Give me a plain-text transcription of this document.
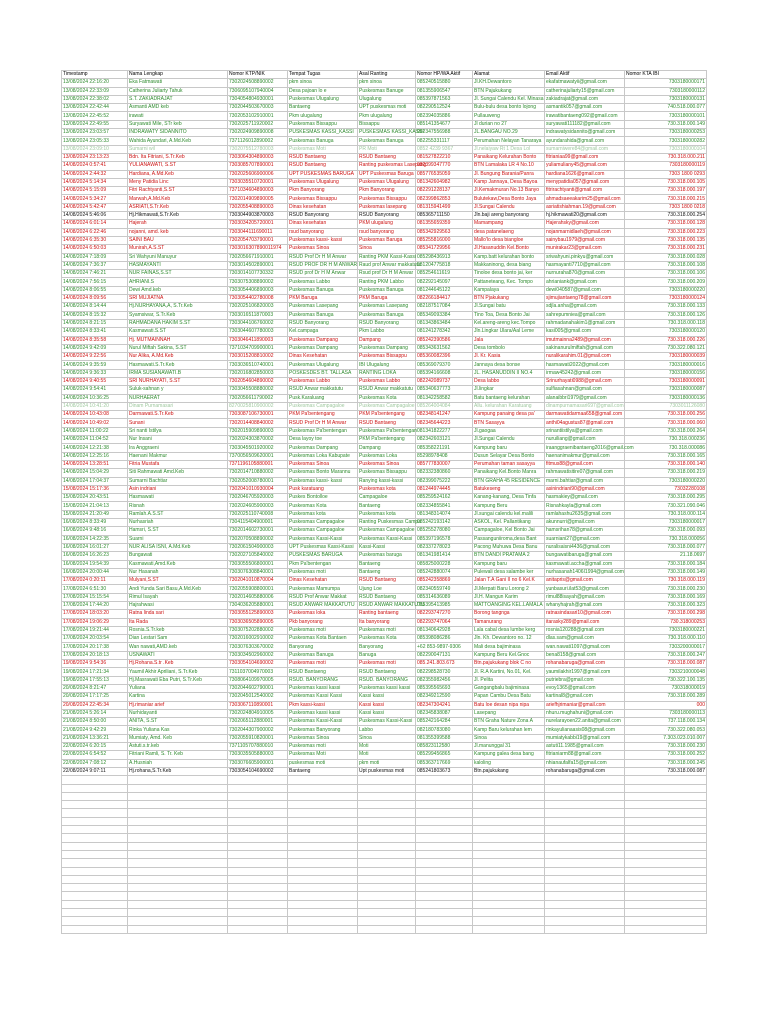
Timestamp	Nama Lengkap	Nomor KTP/NIK	Tempat Tugas	Asal Ranting	Nomor HP/WA Aktif	Alamat	Email Aktif	Nomor KTA IBI
13/08/2024 22:16:20	Eka Fatmawati	7302024508890002	pkm sinoa	pkm sinoa	085240515880	Jl.KH.Dewantoro	ekafatmawatyii@gmail.com	7303180000171
13/08/2024 22:33:09	Catherina Juliarty Tahuk	7306095107940004	Desa pajoan lo e	Puskesmas Banuge	081355906547	BTN Pajukukang	catherinajuliarty15@gmail.com	7303180000112
13/08/2024 22:38:02	S.T. ZAKIADRAJAT	7304054804930001	Puskesmas Ulugalung	Ulugalung	085397871563	Jl. Sungai Calendu Kel. Minasa	zakiadrajat@gmail.com	7303180000131
13/08/2024 22:42:44	Asmanti AMD keb	7302044503670003	Bantaeng	UPT puskesmas moti	082290512524	Bulu-bulu desa bonto lojong	asmantik057@gmail.com	740.518.000.077
13/08/2024 22:45:52	irawati	7302053102910001	Pkm ulugalung	Pkm ulugalung	082394035886	Pullauweng	irawatibantaeng092@gmail.com	7303180000101
13/08/2024 22:49:55	Suryawati Mile, STr keb	7302025711920002	Puskesmas Bissappu	Bissappu	085141354677	Jl durian no 27	suryawati111182@gmail.com	730.318.000.149
13/08/2024 23:03:57	INDRAWATY SIDANNITO	7302024909890008	PUSKESMAS KASSI_KASSI	PUSKESMAS KASSI_KASSI	082347556988	JL.BANGAU NO.29	indrawatysidannito@gmail.com	7303180000253
13/08/2024 23:05:33	Wahida Ayundari, A.Md.Keb	7371126012890002	Puskesmas Banuga	Puskesmas Banuga	082255331117	Perumahan Nelayan Tanaraya	ayundarahida@gmail.com	7303180000282
13/08/2024 23:09:10	Sumarni wil	7302075512780003	Puskesmas Moti	PR Moti	0852 4239 9367	Jl.nelaiyaw Rt 1 Desa Lol	sumarniwere84@gmail.com	7303180000104
13/08/2024 23:13:23	Bdn. Ita Fitriani, S.Tr.Keb	7303064304890003	RSUD Bantaeng	RSUD Bantaeng	081527822210	Panaikang Kelurahan Bonto	fitrianiaa99@gmail.com	730.318.000.211
14/08/2024 0:57:41	YULIANAWATI, S.ST	7303085707890001	RSUD Bantaeng	Ranting puskesmas Lasepang	082399347770	BTN Lamalaka LR 4 No.10	yuliamuliany45@gmail.com	7303180000119
14/08/2024 2:44:32	Hardiana, A.Md.Keb	7302025606900006	UPT PUSKESMAS BARUGA	UPT Puskesmas Baruga	085776535059	Jl. Bungung Barania/Panra	hardiana1626@gmail.com	7303 1800 0293
14/08/2024 5:14:34	Meny Patidia Linc	7303035510720001	Puskesmas Ulugalung	Puskesmas Ulugalung	081342604982	Kamp Jannaya, Desa Bayoa	menypatidia057@gmail.com	730.318.000.105
14/08/2024 5:15:09	Fitri Rachtyanti,S.ST	7371034604890003	Pkm Banyorang	Pkm Banyorang	082291228137	Jl.Kemakmuran No.13 Banyo	fitrirachtyanti@gmail.com	730.318.000.197
14/08/2024 5:34:27	Marwah,A.Md.Keb	7302014909890005	Puskesmas Bissappu	Puskesmas Bissappu	082399862853	Bulutekaw,Desa Bonto Jaya	ahmadsaeeakarim25@gmail.com	730.318.000.215
14/08/2024 5:42:47	ASRIATI,S.Tr.Keb	7302055408890003	Dinas kesehatan	Puskesmas lasepang	081315941499	Jl.Sungai Calendu	asriatishiahman.19@gmail.com	7303 1800 0218
14/08/2024 5:46:06	Hj.Hikmawati,S.Tr.Keb	7303044903870003	RSUD Banyorang	RSUD Banyorang	085365711150	Jln.baji areng banyorang	hj.hikmawati20@gmail.com	730.318.000.254
14/08/2024 6:01:14	Hajerah	7303034205720001	Dinas kesehatan	PKM ulugalung	081355659359	Mamampang	Hajerahsky@gmail.com	730.318.000.128
14/08/2024 6:22:46	nojanni, amd. keb	7303044111690011	rsud banyorang	rsud banyorang	085342929563	desa patanelaeng	nojanmarnidlaeh@gmail.com	730.318.000.223
14/08/2024 6:35:30	SAINI BAU	7302054703790001	Puskesmas kassi- kassi	Puskesmas Baruga	085255816000	Mallo'lo desa biangloe	sainybau1979@gmail.com	730.318.000.135
14/08/2024 6:50:03	Munirah,A.S.ST	7303016307890011974	Puskesmas Sinoa	Sinoa	085341729956	Jl.Hasanuddin Kel.Bonto	munirakar23@gmail.com	730.318.000.231
14/08/2024 7:18:09	Sri Wahyuni Manuyur	7302056671910001	RSUD Prof Dr H M Anwar	Ranting PKM Kassi-Kassi	085298436913	Kamp.batt kelurahan bonto	sriwahyuni.pinkyu@gmail.com	730.318.000.028
14/08/2024 7:36:37	HASMAYANTI	7303014502890001	RSUD PROF DR H M ANWAR	Raud prof Anwar makkatutu	081204775818	Makkaninong, desa biang	hasmayanti7710@gmail.com	730.318.000.108
14/08/2024 7:46:21	NUR FAINAS,S.ST	7303014107730332	RSUD prof Dr H M Anwar	Rsud prof Dr H M Anwar	085254611619	Tinoloe desa bonto jai, ker	nurnuraha870@gmail.com	730.318.000.106
14/08/2024 7:56:15	AHRIANI.S	7303075308890002	Puskesmas Labbo	Ranting PKM Labbo	082292145097	Pattaneteang, Kec. Tompo	ahrianiank@gmail.com	730.318.000.209
14/08/2024 8:06:55	Dewi Amd.keb	7303054406890003	Puskesmas Banuga	Puskesmas Banuga	081244645122	Kampalaya	dewi040587@gmail.com	7303180000220
14/08/2024 8:09:56	SRI MUJIATNA	7303054402780008	PKM Baruga	PKM Baruga	082266184417	BTN Pjakukang	sjimujiantaeng78@gmail.com	7303180000124
14/08/2024 8:14:44	Hj.NURHAYANA,A, S.Tr.Keb	7302025106820003	Puskesmas Lasepang	Puskesmas Lasepang	082187517084	Jl.Sungai batu	sdjla.anha@gmail.com	730.318.000.133
14/08/2024 8:15:32	Syamsiwar, S.Tr.Keb	7303016511870003	Puskesmas Banuga	Puskesmas Banuga	085349093384	Tino Toa, Desa Bonto Jai	sahrepumniea@gmail.com	730.318.000.126
14/08/2024 8:21:15	RAHMADANA HAKIM S.ST	7303044106760002	RSUD Banyorang	RSUD Banyorang	081343863484	Kel.areng-areng kec.Tompo	rahmadanahakim1@gmail.com	730.318.000.118
14/08/2024 8:33:41	Kasmawati.S.ST	7303044607780003	Kel.campaga	Pkm Labbo	081241278342	Jln.Lingkar Ulara/Aal Leme	kasi005@gmail.com	7303180000120
14/08/2024 8:35:58	Hj. MUTMAINNAH	7303046411890003	Puskesmas Dampang	Dampang	085242390586	Jala	imutmainna2489@gmail.com	730.318.000.226
14/08/2024 9:42:09	Nurul Miftah Sakina, S.ST	7371034709900001	Puskesmas Dampang	Puskesmas Dampang	085343631562	Desa tombolo	sakinanurulmiftah@gmail.com	730.322.080.121
14/08/2024 9:22:56	Nur Alika, A.Md.Keb	7303015208810002	Dinas Kesehatan	Puskesmas Bissappu	085360082396	Jl. Kr. Kasia	nuralikarahim.01@gmail.com	7303180000039
14/08/2024 9:35:59	Hasmawati.S.Tr.Keb	7303036510740001	Puskesmas Ulugalung	IBI Ulugalung	085369079370	Jannaya desa bonse	hasmawati2022@gmail.com	7303180000016
14/08/2024 9:36:33	IRMA SUSIANAWATI.B	7302016802850003	POSKESDES BT. TALLASA	RANTING LOKA	085394166608	JL. HASANUDDIN II NO.4	irmaw45242@gmail.com	7303180000156
14/08/2024 9:40:55	SRI NURHAYATI, S.ST	7302054604890002	Puskesmas Labbo	Puskesmas Labbo	082242089737	Desa labbo	Srinurhayati0988@gmail.com	7303180000091
14/08/2024 9:54:41	Suluk-sahnan y	7303045508880002	RSUD Anwar makkatutu	RSUD Anwar makkatutu	085340637773	Jl.lingkar	sulfiasahnan@gmail.com	7303180000087
14/08/2024 10:36:25	NURHAERAT	7302056611790002	Pusk.Karaluang	Puskesmas Kota	081342258582	Batu bantaeng kelurahan	alanaibbri1979@gmail.com	7303180000136
14/08/2024 10:41:20	Dinam Purnamasari	8270025810900002	Puskesmas Campagaloe	Puskesmas Campagaloe	085264004084	Allu. kelurahan Karatuang	dinampurnamasari697@gmail.com	7303011126080
14/08/2024 10:43:08	Darmawati.S.Tr.Keb	7303087106730001	PKM Pa'bentengang	PKM Pa'bentengang	082348141247	Kampung panaing desa pa'	darmawatidarmaa658@gmail.com	730.318.000.256
14/08/2024 10:49:02	Sunani	7302014408840002	RSUD Prof Dr H M Anwar	RSUD Bantaeng	082345644223	BTN Sasayya	anthi04agustus87@gmail.com	730.318.000.060
14/08/2024 11:00:22	Sri nanti Istilya	7302015909890003	Puskesmas Pa'bentengan	Puskesmas Pa'bentengan	081341822277	Jl.gaogaa	srinantiistilya@gmail.com	730.318.000.264
14/08/2024 11:04:52	Nur Insani	7302024303870002	Desa layoy toe	PKM Pa'bentengang	082342603121	Jl.Sungai Calendu	nuruiliang@gmail.com	730.318.000236
14/08/2024 12:21:38	Ira Anggraeni	7303045501920002	Puskesmas Dampang	Dampang	085358221191	Kampung baru	iraanggraenibantaeng2016@gmail.com	730.318.000086
14/08/2024 12:25:16	Haenani Makmur	7370056509620001	Puskesmas Loka Kabupate	Puskesmas Loka	85298978408	Dusun Selayar Desa Bonto	haenanimakmur@gmail.com	730.318.000.165
14/08/2024 13:28:51	Fitria Mustafa	7371196105880001	Puskesmas Sinoa	Puskesmas Sinoa	085777830007	Perumahan taman sasayya	fitmus88@gmail.com	730.318.000.140
14/08/2024 15:04:29	Siti Rahmawati Amd.Keb	7302014710880002	Puskesmas Bonto Marannu	Puskesmas Bissappu	082332380860	Panaikang Kel.Bonto Manra	rahmawatisitire07@gmail.com	730.318.000.219
14/08/2024 17:04:37	Sumarni Bachtiar	7302052008780001	Puskesmas kassi- kassi	Ranying kassi-kassi	082399075222	BTN GRAHA 45 RESIDENCE	marni.bahtiar@gmail.com	7303180000220
15/08/2024 15:17:36	Asin indriani	7302041010930004	Pusk karatuang	Puskesmas kota	081244974445	Batukeseng	asinindriani90@gmail.com	73032280108
15/08/2024 20:43:51	Hasmawati	7302046705920003	Puskes Bontolloe	Campagaloe	085259524162	Kanang-kanang, Desa Tinfa	hasmakiey@gmail.com	730.318.000.295
15/08/2024 21:04:13	Risnah	7302024605900003	Puskesmas Kota	Bantaeng	082334855841	Kampung Beru	Risnahkayla@gmail.com	730.321.090.046
15/08/2024 21:20:49	Ramlah.A.S.ST	7302025110740008	Puskesmas kota	Puskesmas kota	081348314074	Jl.sungai calendu kel.malili	ramlahashu2635@gmail.com	730.318.000.114
16/08/2024 8:33:49	Nurhasriah	7304115404900001	Puskesmas Campagaloe	Ranting Puskesmas Campa	085242193142	ASKOL, Kel. Pallantikang	akunnurri@gmail.com	7303180000017
16/08/2024 9:48:16	Hamsri, S.ST	7302014602730001	Puskesmas Campagaloe	Puskesmas Campagaloe	085255278080	Campagaloe, Kel Bonto Jai	hamsrihan78@gmail.com	730.318.000.093
16/08/2024 14:22:35	Suarni	7302070508890002	Puskesmas Kassi-Kassi	Puskesmas Kassi-Kassi	085397196578	Passanguniiroma,desa Bant	suarniani27@gmail.com	730.318.000056
16/08/2024 16:01:27	NUR ALISA ISNI, A.Md.Keb	7302061504900003	UPT Puskesmas Kassi-Kassi	Kassi-Kassi	082337278023	Pacong Muhuwa Desa Banu	nuralisaisni4436@gmail.com	730.318.000.077
16/08/2024 16:26:23	Bungawati	7302027105840002	PUSKESMAS BARUGA	Puskesmas baruga	081341981414	BTN DANDI PRATAMA 2	bungawatibaruga@gmail.com	21.18.0697
16/08/2024 19:54:39	Kasmawati,Amd.Keb	7303055506800001	Pkm Pa'bentengan	Bantaeng	085825000228	Kampung baru	kasmawati.accha@gmail.com	730.318.000.184
16/08/2024 20:00:44	Nur Hasanah	7303076308840001	Puskesmas moti	Bantaeng	085242880074	Pulewali desa salambe ker	nurhasanah1406I1994@gmail.com	730.318.000.149
17/08/2024 0:20:11	Mulyani,S.ST	7302041010870004	Dinas Kesehatan	RSUD Bantaeng	085242358869	Jalan T.A Gani II no 6 Kel.K	anitapris@gmail.com	730.318.000.119
17/08/2024 6:51:30	Andi Yunda Sari Basu,A.Md.Keb	7302055908800001	Puskesmas Mamumpa	Ujung Loe	082340559749	Jl.Merpati Baru Lorong 2	yunbasuri.ilat53@gmail.com	730.318.000.230
17/08/2024 15:15:54	Rimul Isayah	7302014605880006	RSUD Prof Anwar Makkat	RSUD Bantaeng	085314636089	Jl.H. Mangun Karim	rimul88isayah@gmail.com	730.318.000.169
17/08/2024 17:44:20	Hajrahwasi	7304036205880001	RSUD ANWAR MAKKATUTU	RSUD ANWAR MAKKATUTU	085395413985	MATTOANGING KEL.LAMALA	whanyhajrah@gmail.com	730.318.000.323
17/08/2024 18:03:20	Ratna linda sari	7303055125890003	Puskesmas loka	Ranting bantaeng	082293747270	Borong tangnga	ratnasindasari10@gmail.com	730.318.000.298
17/08/2024 19:06:29	Ita Rada	7303036505890005	Pkb banyorang	Ita banyorang	082293747064	Tamanurang	itarasky289@gmail.com	730.318000253
17/08/2024 19:21:44	Rosnia.S.Tr.keb	7303075202880002	Puskesmas moti	Puskesmas moti	081340642928	Lala cabal desa lumbe kerg	rosnia120288@gmail.com	7303180000221
17/08/2024 20:03:54	Dian Lestari Sam	7302016002910002	Puskesmas Kota Bantaen	Puskesmas Kota	085398086286	Jln. Kh. Dewantoro no. 12	dlas.sam@gmail.com	730.318.000.110
17/08/2024 20:17:38	Wan nawati,AMD.keb	7303076303670002	Banyorang	Banyorang	+62 853-9897-9306	Mali desa bajiminasa	wan.nawati1097@gmail.com	7303200000017
17/08/2024 20:18:13	USNAWATI	7303034502960002	Puskesmas Banuga	Banuga	082290047131	Kampung Beru Kel.Gnoc	bena8158@gmail.com	730.318.000.247
19/08/2024 9:54:36	Hj.Rohana.S.tr .Keb	7303054104690002	Puskesmas moti	Puskesmas moti	085.241.803.673	Btn.pajukukang blok C no	rohanabaruga@gmail.com	730.318.000.087
19/08/2024 17:21:34	Yaumil Akhir Apriliani, S.Tr.Keb	7311037004970003	RSUD Bantaeng	RSUD Bantaeng	082298528730	Jl. R.A Kartini, No.01, Kel.	yaumilakhir1997@gmail.com	7303210000048
19/08/2024 17:55:13	Hj.Masrawati Eba Putri, S.Tr.Keb	7308064109970005	RSUD. BANYORANG	RSUD. BANYORANG	082355982456	Jl. Pelita	putriebra@gmail.com	730.322.100.135
20/08/2024 8:21:47	Yuliana	7302044602790001	Puskesmas kassi kassi	Puskesmas kassi kassi	085395565693	Gangangbalu bajiminasa	evoy1365@gmail.com	730318000019
20/08/2024 17:17:25	Kartina	7302045012540002	Puskesmas Kassi Kassi	Kassi kassi	082349212590	Papan Cambu Desa Batu	kartinal8@gmail.com	730.318.000.289
20/08/2024 22:45:34	Hj.rimaniar arief	7303067110890001	Pkm kassi-kassi	Kassi kassi	082347304241	Batu loe desan nipa nipa	ariefhjrimaniar@gmail.com	000
21/08/2024 5:26:14	Nurhidayanti	7302024804910005	Puskesmas kassi kassi	Kassi kassi	082345838087	Lasepang	nhuru.mughahuni@gmail.com	7303180000113
21/08/2024 8:50:00	ANITA, S.ST	7302065112880001	Puskesmas Kassi-Kassi	Puskesmas Kassi-Kassi	085242164284	BTN Graha Nature Zona A	nurelarayoen22.anita@gmail.com	737.118.000.134
21/08/2024 9:42:29	Rinka Yuliana Kas	7302044307900002	Puskesmas Banyorang	Labbo	082180783080	Kamp Baru kelurahan lem	rinkayulianaasis08@gmail.com	730.322.080.053
21/08/2024 13:36:21	Mumiaty, Amd. Keb	7302055910820001	Puskesmas Sinoa	Sinoa	081355399588	Sinoa	mumiatykabbi19@gmail.com	7.303.023.010.007
22/08/2024 6:20:15	Astuti.s.tr.keb	7371105707880010	Puskesmas moti	Moti	085823112580	Jl.manunggal 31	astuti11.1985@gmail.com	730.318.000.230
22/08/2024 6:54:52	Fitriani Ramli, S. Tr. Keb	7303035505880003	Puskesmas Moti	Moti	085299456865	Kampung galea desa bang	fitrianiarm88@gmail.com	730.318.000.252
22/08/2024 7:08:12	A.Husniah	7303076605900001	puskesmas moti	pkm moti	085363717669	kaloling	nhianaufalfa15@gmail.com	730.318.000.245
22/08/2024 9:07:11	Hj.rohana,S.Tr.Keb	7303054104690002	Bantaeng	Upt puskesmas moti	085241803673	Btn.pajukukang	rohanabaruga@gmail.com	730.318.000.087
